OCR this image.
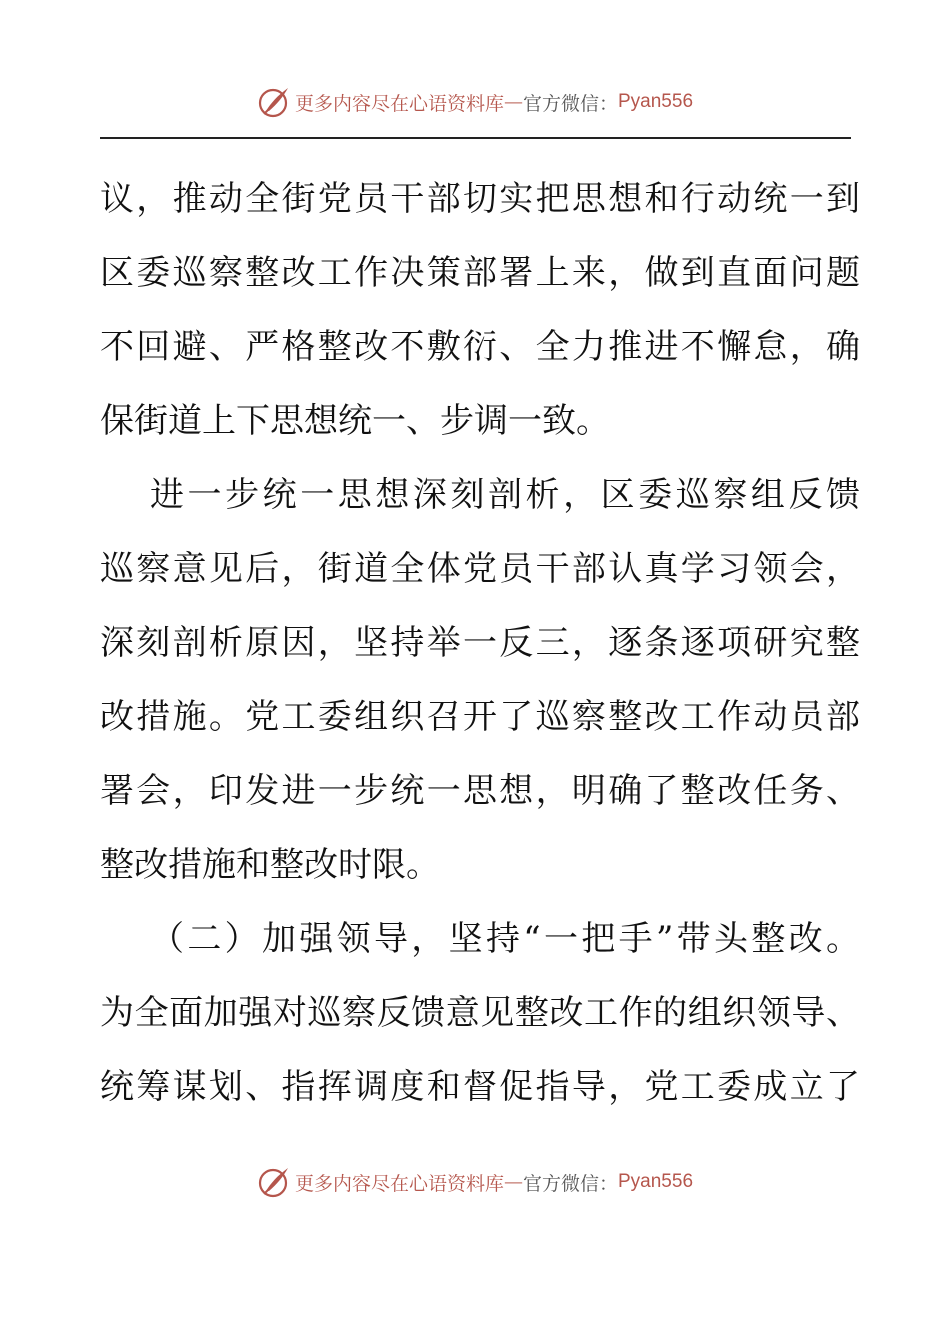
更多内容尽在心语资料库 — 官方微信： Pyan556
议，推动全街党员干部切实把思想和行动统一到
区委巡察整改工作决策部署上来，做到直面问题
不回避、严格整改不敷衍、全力推进不懈怠，确
保街道上下思想统一、步调一致。
进一步统一思想深刻剖析，区委巡察组反馈
巡察意见后，街道全体党员干部认真学习领会，
深刻剖析原因，坚持举一反三，逐条逐项研究整
改措施。党工委组织召开了巡察整改工作动员部
署会，印发进一步统一思想，明确了整改任务、
整改措施和整改时限。
（二）加强领导，坚持“一把手”带头整改。
为全面加强对巡察反馈意见整改工作的组织领导、
统筹谋划、指挥调度和督促指导，党工委成立了
更多内容尽在心语资料库 — 官方微信： Pyan556
